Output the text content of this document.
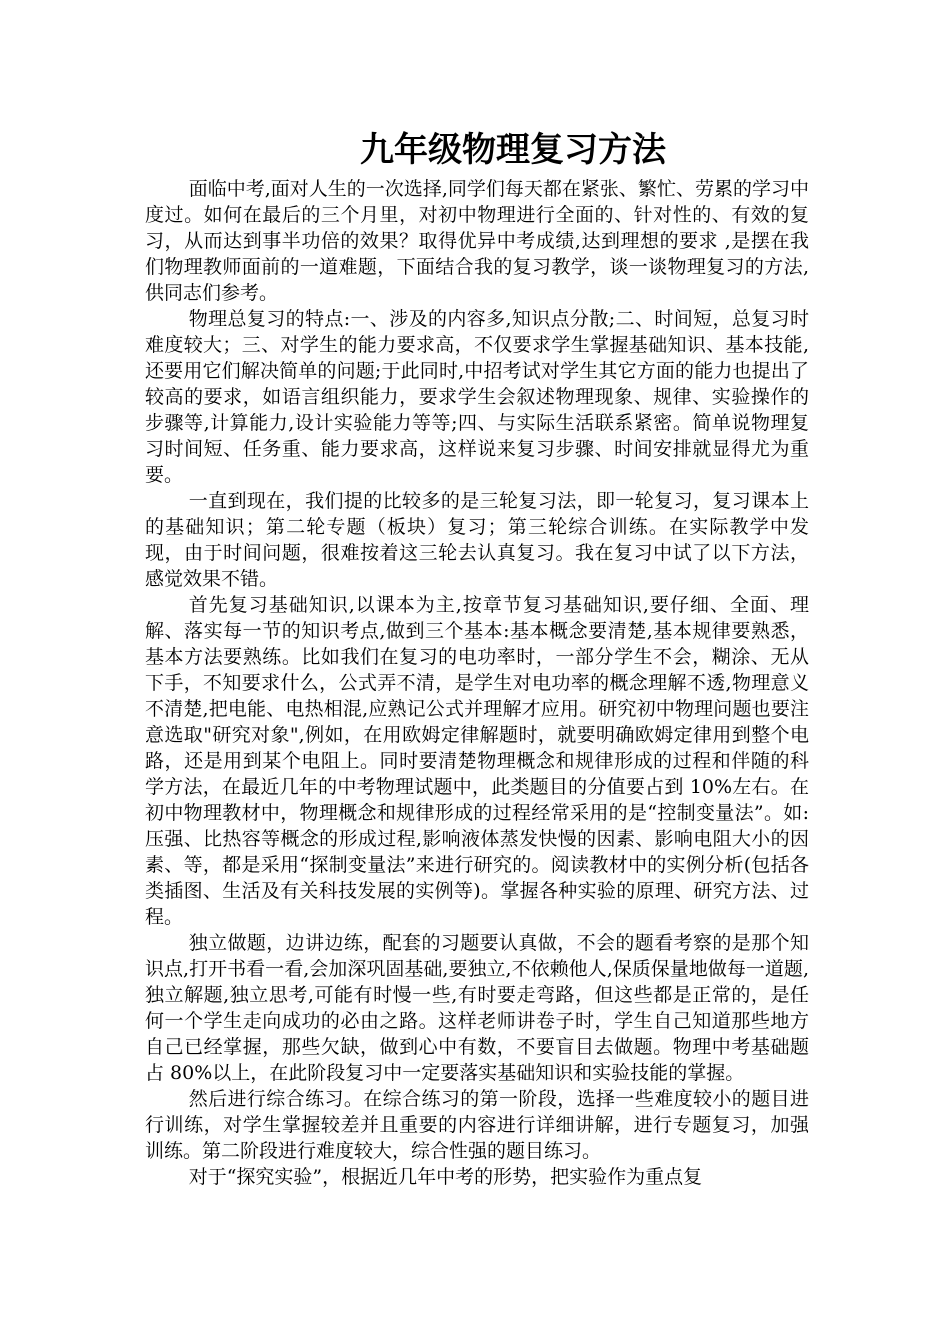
九年级物理复习方法

面临中考,面对人生的一次选择,同学们每天都在紧张、繁忙、劳累的学习中度过。如何在最后的三个月里，对初中物理进行全面的、针对性的、有效的复习，从而达到事半功倍的效果？取得优异中考成绩,达到理想的要求 ,是摆在我们物理教师面前的一道难题，下面结合我的复习教学，谈一谈物理复习的方法,供同志们参考。

物理总复习的特点:一、涉及的内容多,知识点分散;二、时间短，总复习时难度较大；三、对学生的能力要求高，不仅要求学生掌握基础知识、基本技能,还要用它们解决简单的问题;于此同时,中招考试对学生其它方面的能力也提出了较高的要求，如语言组织能力，要求学生会叙述物理现象、规律、实验操作的步骤等,计算能力,设计实验能力等等;四、与实际生活联系紧密。简单说物理复习时间短、任务重、能力要求高，这样说来复习步骤、时间安排就显得尤为重要。

一直到现在，我们提的比较多的是三轮复习法，即一轮复习，复习课本上的基础知识；第二轮专题（板块）复习；第三轮综合训练。在实际教学中发现，由于时间问题，很难按着这三轮去认真复习。我在复习中试了以下方法，感觉效果不错。

首先复习基础知识,以课本为主,按章节复习基础知识,要仔细、全面、理解、落实每一节的知识考点,做到三个基本:基本概念要清楚,基本规律要熟悉，基本方法要熟练。比如我们在复习的电功率时，一部分学生不会，糊涂、无从下手，不知要求什么，公式弄不清，是学生对电功率的概念理解不透,物理意义不清楚,把电能、电热相混,应熟记公式并理解才应用。研究初中物理问题也要注意选取"研究对象",例如，在用欧姆定律解题时，就要明确欧姆定律用到整个电路，还是用到某个电阻上。同时要清楚物理概念和规律形成的过程和伴随的科学方法，在最近几年的中考物理试题中，此类题目的分值要占到 10%左右。在初中物理教材中，物理概念和规律形成的过程经常采用的是“控制变量法”。如:压强、比热容等概念的形成过程,影响液体蒸发快慢的因素、影响电阻大小的因素、等，都是采用“探制变量法”来进行研究的。阅读教材中的实例分析(包括各类插图、生活及有关科技发展的实例等)。掌握各种实验的原理、研究方法、过程。

独立做题，边讲边练，配套的习题要认真做，不会的题看考察的是那个知识点,打开书看一看,会加深巩固基础,要独立,不依赖他人,保质保量地做每一道题,独立解题,独立思考,可能有时慢一些,有时要走弯路，但这些都是正常的，是任何一个学生走向成功的必由之路。这样老师讲卷子时，学生自己知道那些地方自己已经掌握，那些欠缺，做到心中有数，不要盲目去做题。物理中考基础题占 80%以上，在此阶段复习中一定要落实基础知识和实验技能的掌握。

然后进行综合练习。在综合练习的第一阶段，选择一些难度较小的题目进行训练，对学生掌握较差并且重要的内容进行详细讲解，进行专题复习，加强训练。第二阶段进行难度较大，综合性强的题目练习。

对于“探究实验”，根据近几年中考的形势，把实验作为重点复
